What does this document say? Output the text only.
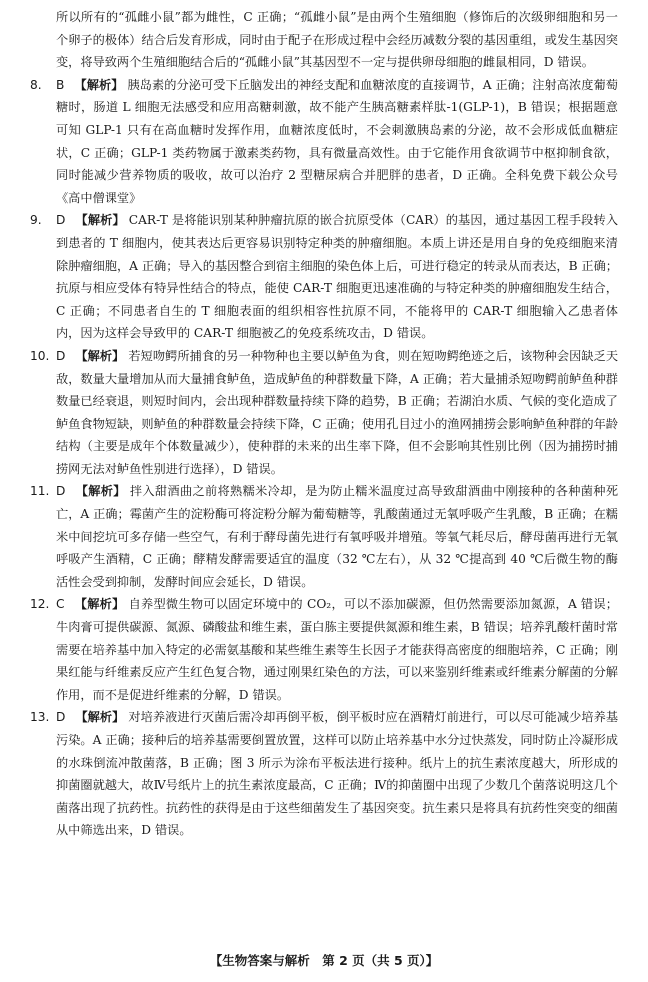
所以所有的“孤雌小鼠”都为雌性，C 正确；“孤雌小鼠”是由两个生殖细胞（修饰后的次级卵细胞和另一个卵子的极体）结合后发育形成，同时由于配子在形成过程中会经历减数分裂的基因重组，或发生基因突变，将导致两个生殖细胞结合后的“孤雌小鼠”其基因型不一定与提供卵母细胞的雌鼠相同，D 错误。

8. B 【解析】 胰岛素的分泌可受下丘脑发出的神经支配和血糖浓度的直接调节，A 正确；注射高浓度葡萄糖时，肠道 L 细胞无法感受和应用高糖刺激，故不能产生胰高糖素样肽-1(GLP-1)，B 错误；根据题意可知 GLP-1 只有在高血糖时发挥作用，血糖浓度低时，不会刺激胰岛素的分泌，故不会形成低血糖症状，C 正确；GLP-1 类药物属于激素类药物，具有微量高效性。由于它能作用食欲调节中枢抑制食欲，同时能减少营养物质的吸收，故可以治疗 2 型糖尿病合并肥胖的患者，D 正确。全科免费下载公众号《高中僧课堂》

9. D 【解析】 CAR-T 是将能识别某种肿瘤抗原的嵌合抗原受体（CAR）的基因，通过基因工程手段转入到患者的 T 细胞内，使其表达后更容易识别特定种类的肿瘤细胞。本质上讲还是用自身的免疫细胞来清除肿瘤细胞，A 正确；导入的基因整合到宿主细胞的染色体上后，可进行稳定的转录从而表达，B 正确；抗原与相应受体有特异性结合的特点，能使 CAR-T 细胞更迅速准确的与特定种类的肿瘤细胞发生结合，C 正确；不同患者自生的 T 细胞表面的组织相容性抗原不同，不能将甲的 CAR-T 细胞输入乙患者体内，因为这样会导致甲的 CAR-T 细胞被乙的免疫系统攻击，D 错误。

10. D 【解析】 若短吻鳄所捕食的另一种物种也主要以鲈鱼为食，则在短吻鳄绝迹之后，该物种会因缺乏天敌，数量大量增加从而大量捕食鲈鱼，造成鲈鱼的种群数量下降，A 正确；若大量捕杀短吻鳄前鲈鱼种群数量已经衰退，则短时间内，会出现种群数量持续下降的趋势，B 正确；若湖泊水质、气候的变化造成了鲈鱼食物短缺，则鲈鱼的种群数量会持续下降，C 正确；使用孔目过小的渔网捕捞会影响鲈鱼种群的年龄结构（主要是成年个体数量减少），使种群的未来的出生率下降，但不会影响其性别比例（因为捕捞时捕捞网无法对鲈鱼性别进行选择），D 错误。

11. D 【解析】 拌入甜酒曲之前将熟糯米冷却，是为防止糯米温度过高导致甜酒曲中刚接种的各种菌种死亡，A 正确；霉菌产生的淀粉酶可将淀粉分解为葡萄糖等，乳酸菌通过无氧呼吸产生乳酸，B 正确；在糯米中间挖坑可多存储一些空气，有利于酵母菌先进行有氧呼吸并增殖。等氧气耗尽后，酵母菌再进行无氧呼吸产生酒精，C 正确；酵精发酵需要适宜的温度（32 ℃左右），从 32 ℃提高到 40 ℃后微生物的酶活性会受到抑制，发酵时间应会延长，D 错误。

12. C 【解析】 自养型微生物可以固定环境中的 CO₂，可以不添加碳源，但仍然需要添加氮源，A 错误；牛肉膏可提供碳源、氮源、磷酸盐和维生素，蛋白胨主要提供氮源和维生素，B 错误；培养乳酸杆菌时常需要在培养基中加入特定的必需氨基酸和某些维生素等生长因子才能获得高密度的细胞培养，C 正确；刚果红能与纤维素反应产生红色复合物，通过刚果红染色的方法，可以来鉴别纤维素或纤维素分解菌的分解作用，而不是促进纤维素的分解，D 错误。

13. D 【解析】 对培养液进行灭菌后需冷却再倒平板，倒平板时应在酒精灯前进行，可以尽可能减少培养基污染。A 正确；接种后的培养基需要倒置放置，这样可以防止培养基中水分过快蒸发，同时防止冷凝形成的水珠倒流冲散菌落，B 正确；图 3 所示为涂布平板法进行接种。纸片上的抗生素浓度越大，所形成的抑菌圈就越大，故Ⅳ号纸片上的抗生素浓度最高，C 正确；Ⅳ的抑菌圈中出现了少数几个菌落说明这几个菌落出现了抗药性。抗药性的获得是由于这些细菌发生了基因突变。抗生素只是将具有抗药性突变的细菌从中筛选出来，D 错误。

【生物答案与解析　第 2 页（共 5 页）】
